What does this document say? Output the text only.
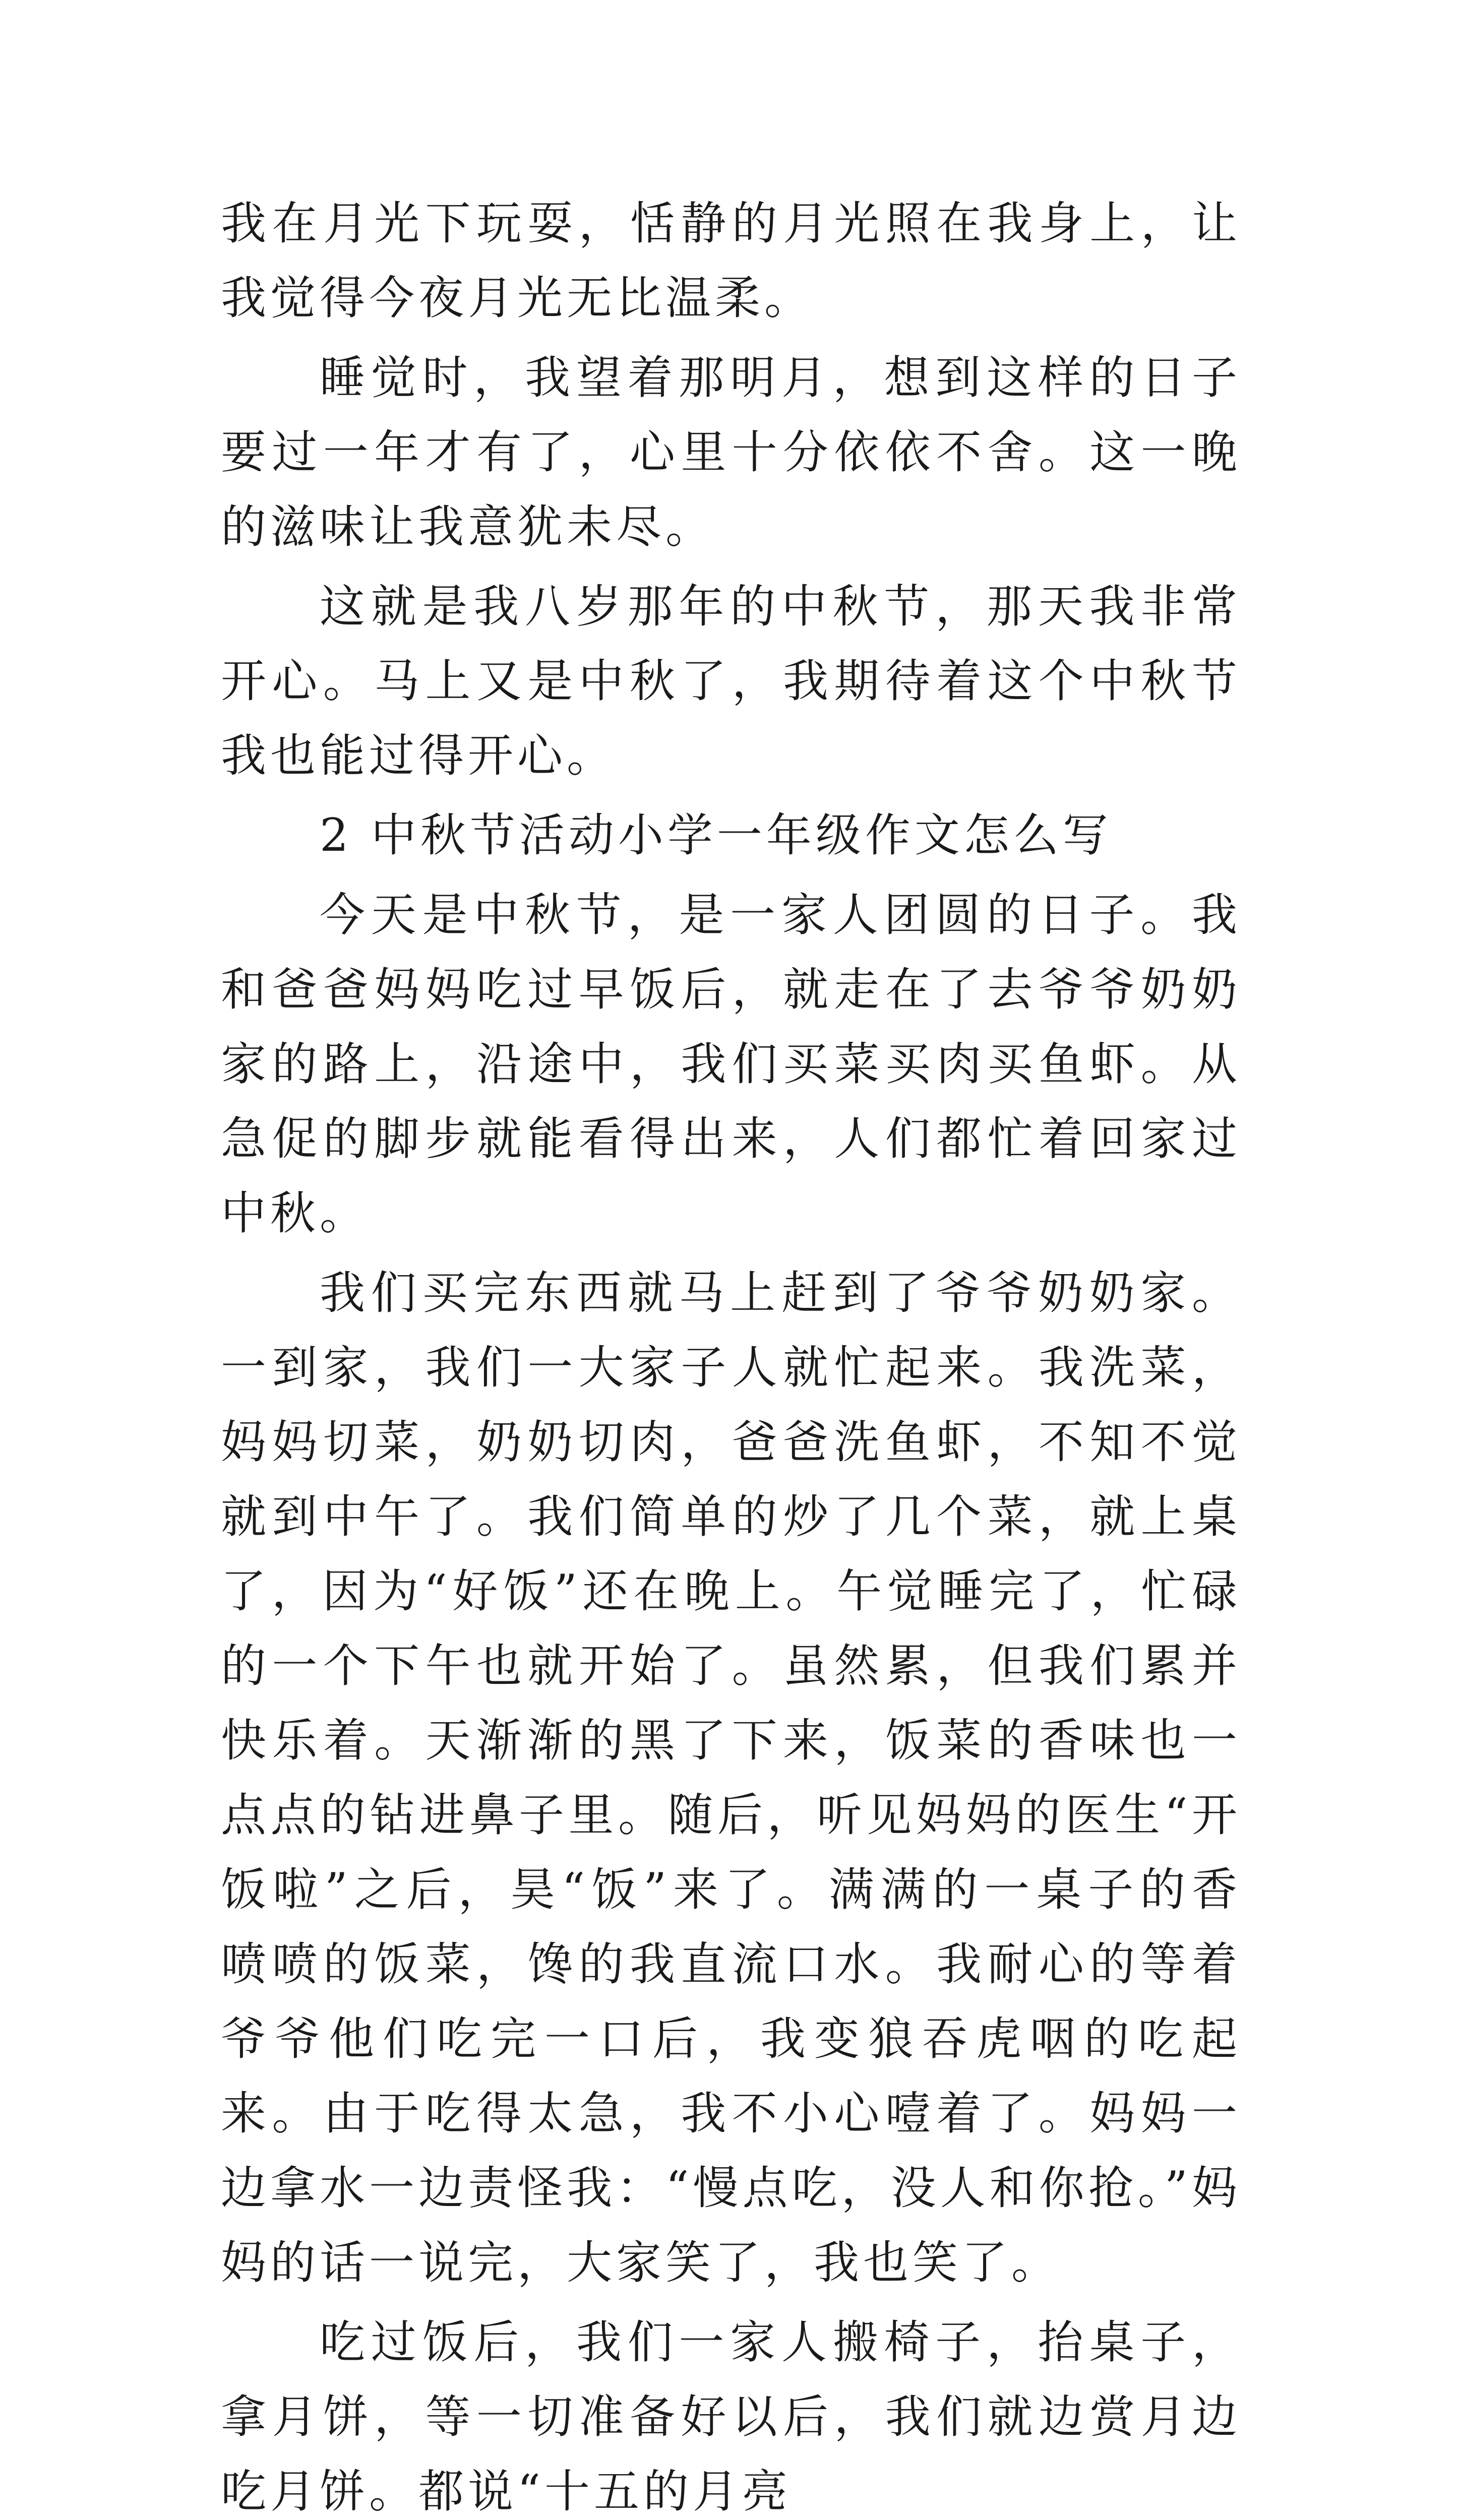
我在月光下玩耍，恬静的月光照在我身上，让我觉得今夜月光无比温柔。

睡觉时，我望着那明月，想到这样的日子要过一年才有了，心里十分依依不舍。这一晚的滋味让我意犹未尽。

这就是我八岁那年的中秋节，那天我非常开心。马上又是中秋了，我期待着这个中秋节我也能过得开心。

2 中秋节活动小学一年级作文怎么写

今天是中秋节，是一家人团圆的日子。我和爸爸妈妈吃过早饭后，就走在了去爷爷奶奶家的路上，沿途中，我们买菜买肉买鱼虾。从急促的脚步就能看得出来，人们都忙着回家过中秋。

我们买完东西就马上赶到了爷爷奶奶家。一到家，我们一大家子人就忙起来。我洗菜，妈妈切菜，奶奶切肉，爸爸洗鱼虾，不知不觉就到中午了。我们简单的炒了几个菜，就上桌了，因为“好饭”还在晚上。午觉睡完了，忙碌的一个下午也就开始了。虽然累，但我们累并快乐着。天渐渐的黑了下来，饭菜的香味也一点点的钻进鼻子里。随后，听见妈妈的医生“开饭啦”之后，昊“饭”来了。满满的一桌子的香喷喷的饭菜，馋的我直流口水。我耐心的等着爷爷他们吃完一口后，我变狼吞虎咽的吃起来。由于吃得太急，我不小心噎着了。妈妈一边拿水一边责怪我：“慢点吃，没人和你抢。”妈妈的话一说完，大家笑了，我也笑了。

吃过饭后，我们一家人搬椅子，抬桌子，拿月饼，等一切准备好以后，我们就边赏月边吃月饼。都说“十五的月亮
